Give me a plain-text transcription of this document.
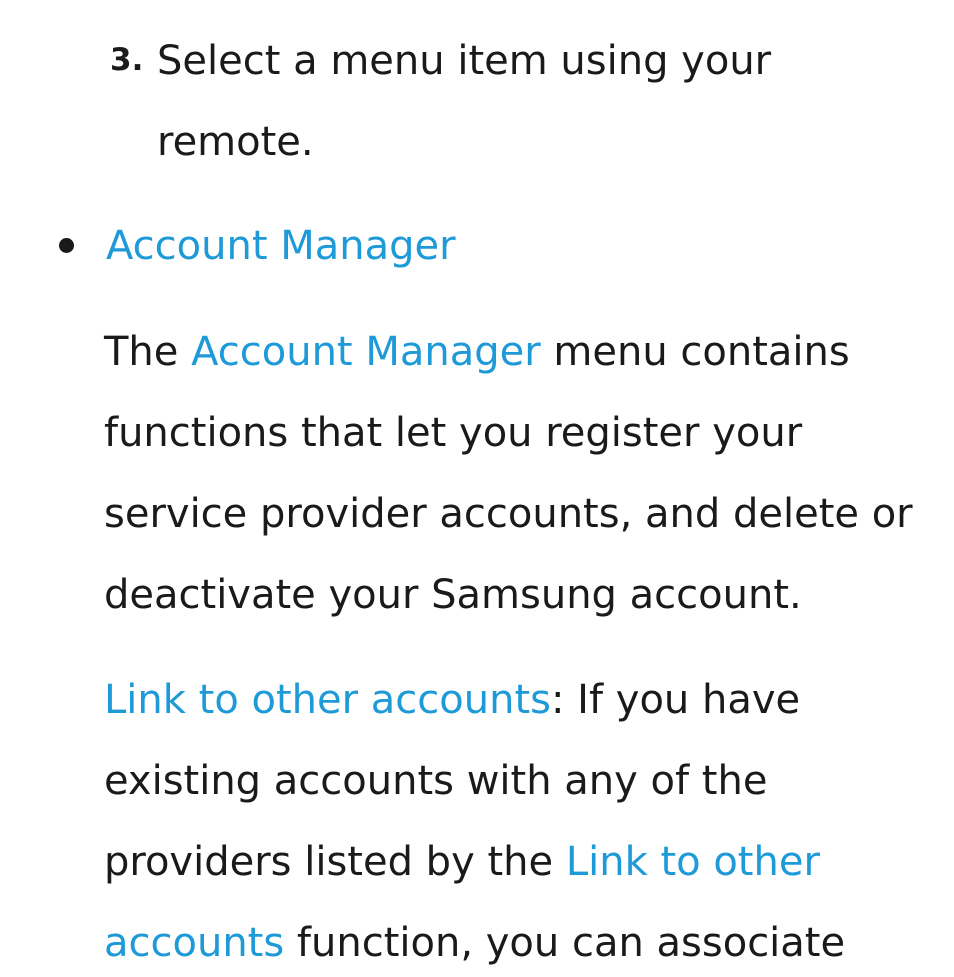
3. Select a menu item using your
remote.
Account Manager
The Account Manager menu contains
functions that let you register your
service provider accounts, and delete or
deactivate your Samsung account.
Link to other accounts: If you have
existing accounts with any of the
providers listed by the Link to other
accounts function, you can associate
